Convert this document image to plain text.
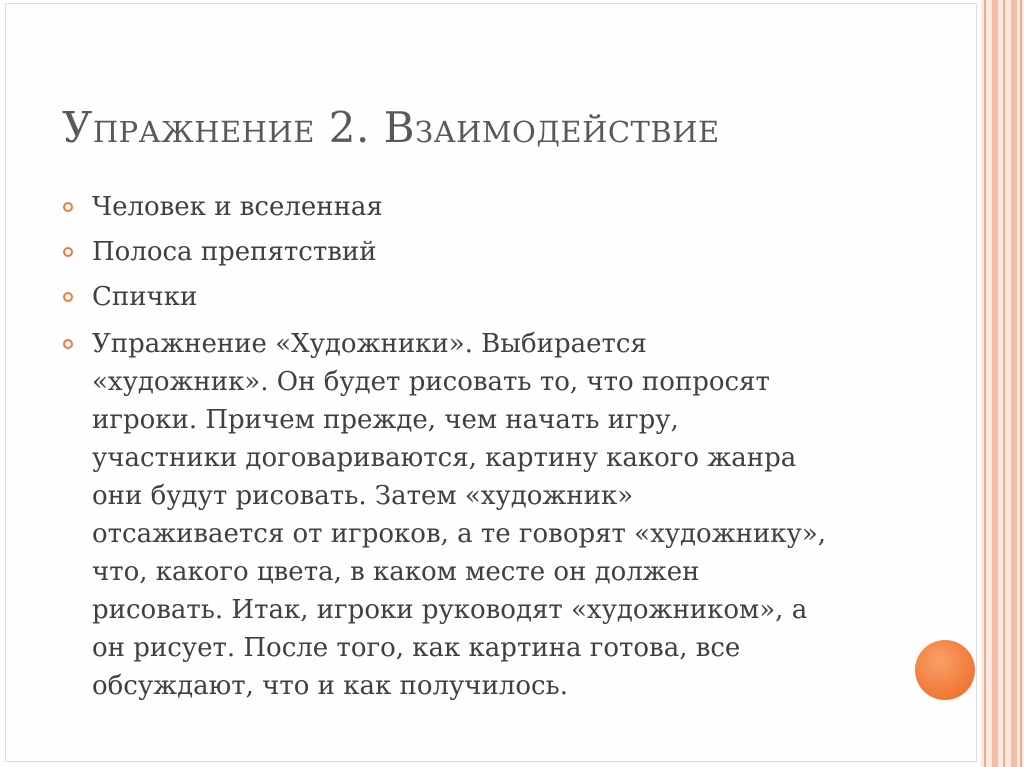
Упражнение 2. Взаимодействие
Человек и вселенная
Полоса препятствий
Спички
Упражнение «Художники». Выбирается
«художник». Он будет рисовать то, что попросят
игроки. Причем прежде, чем начать игру,
участники договариваются, картину какого жанра
они будут рисовать. Затем «художник»
отсаживается от игроков, а те говорят «художнику»,
что, какого цвета, в каком месте он должен
рисовать. Итак, игроки руководят «художником», а
он рисует. После того, как картина готова, все
обсуждают, что и как получилось.
